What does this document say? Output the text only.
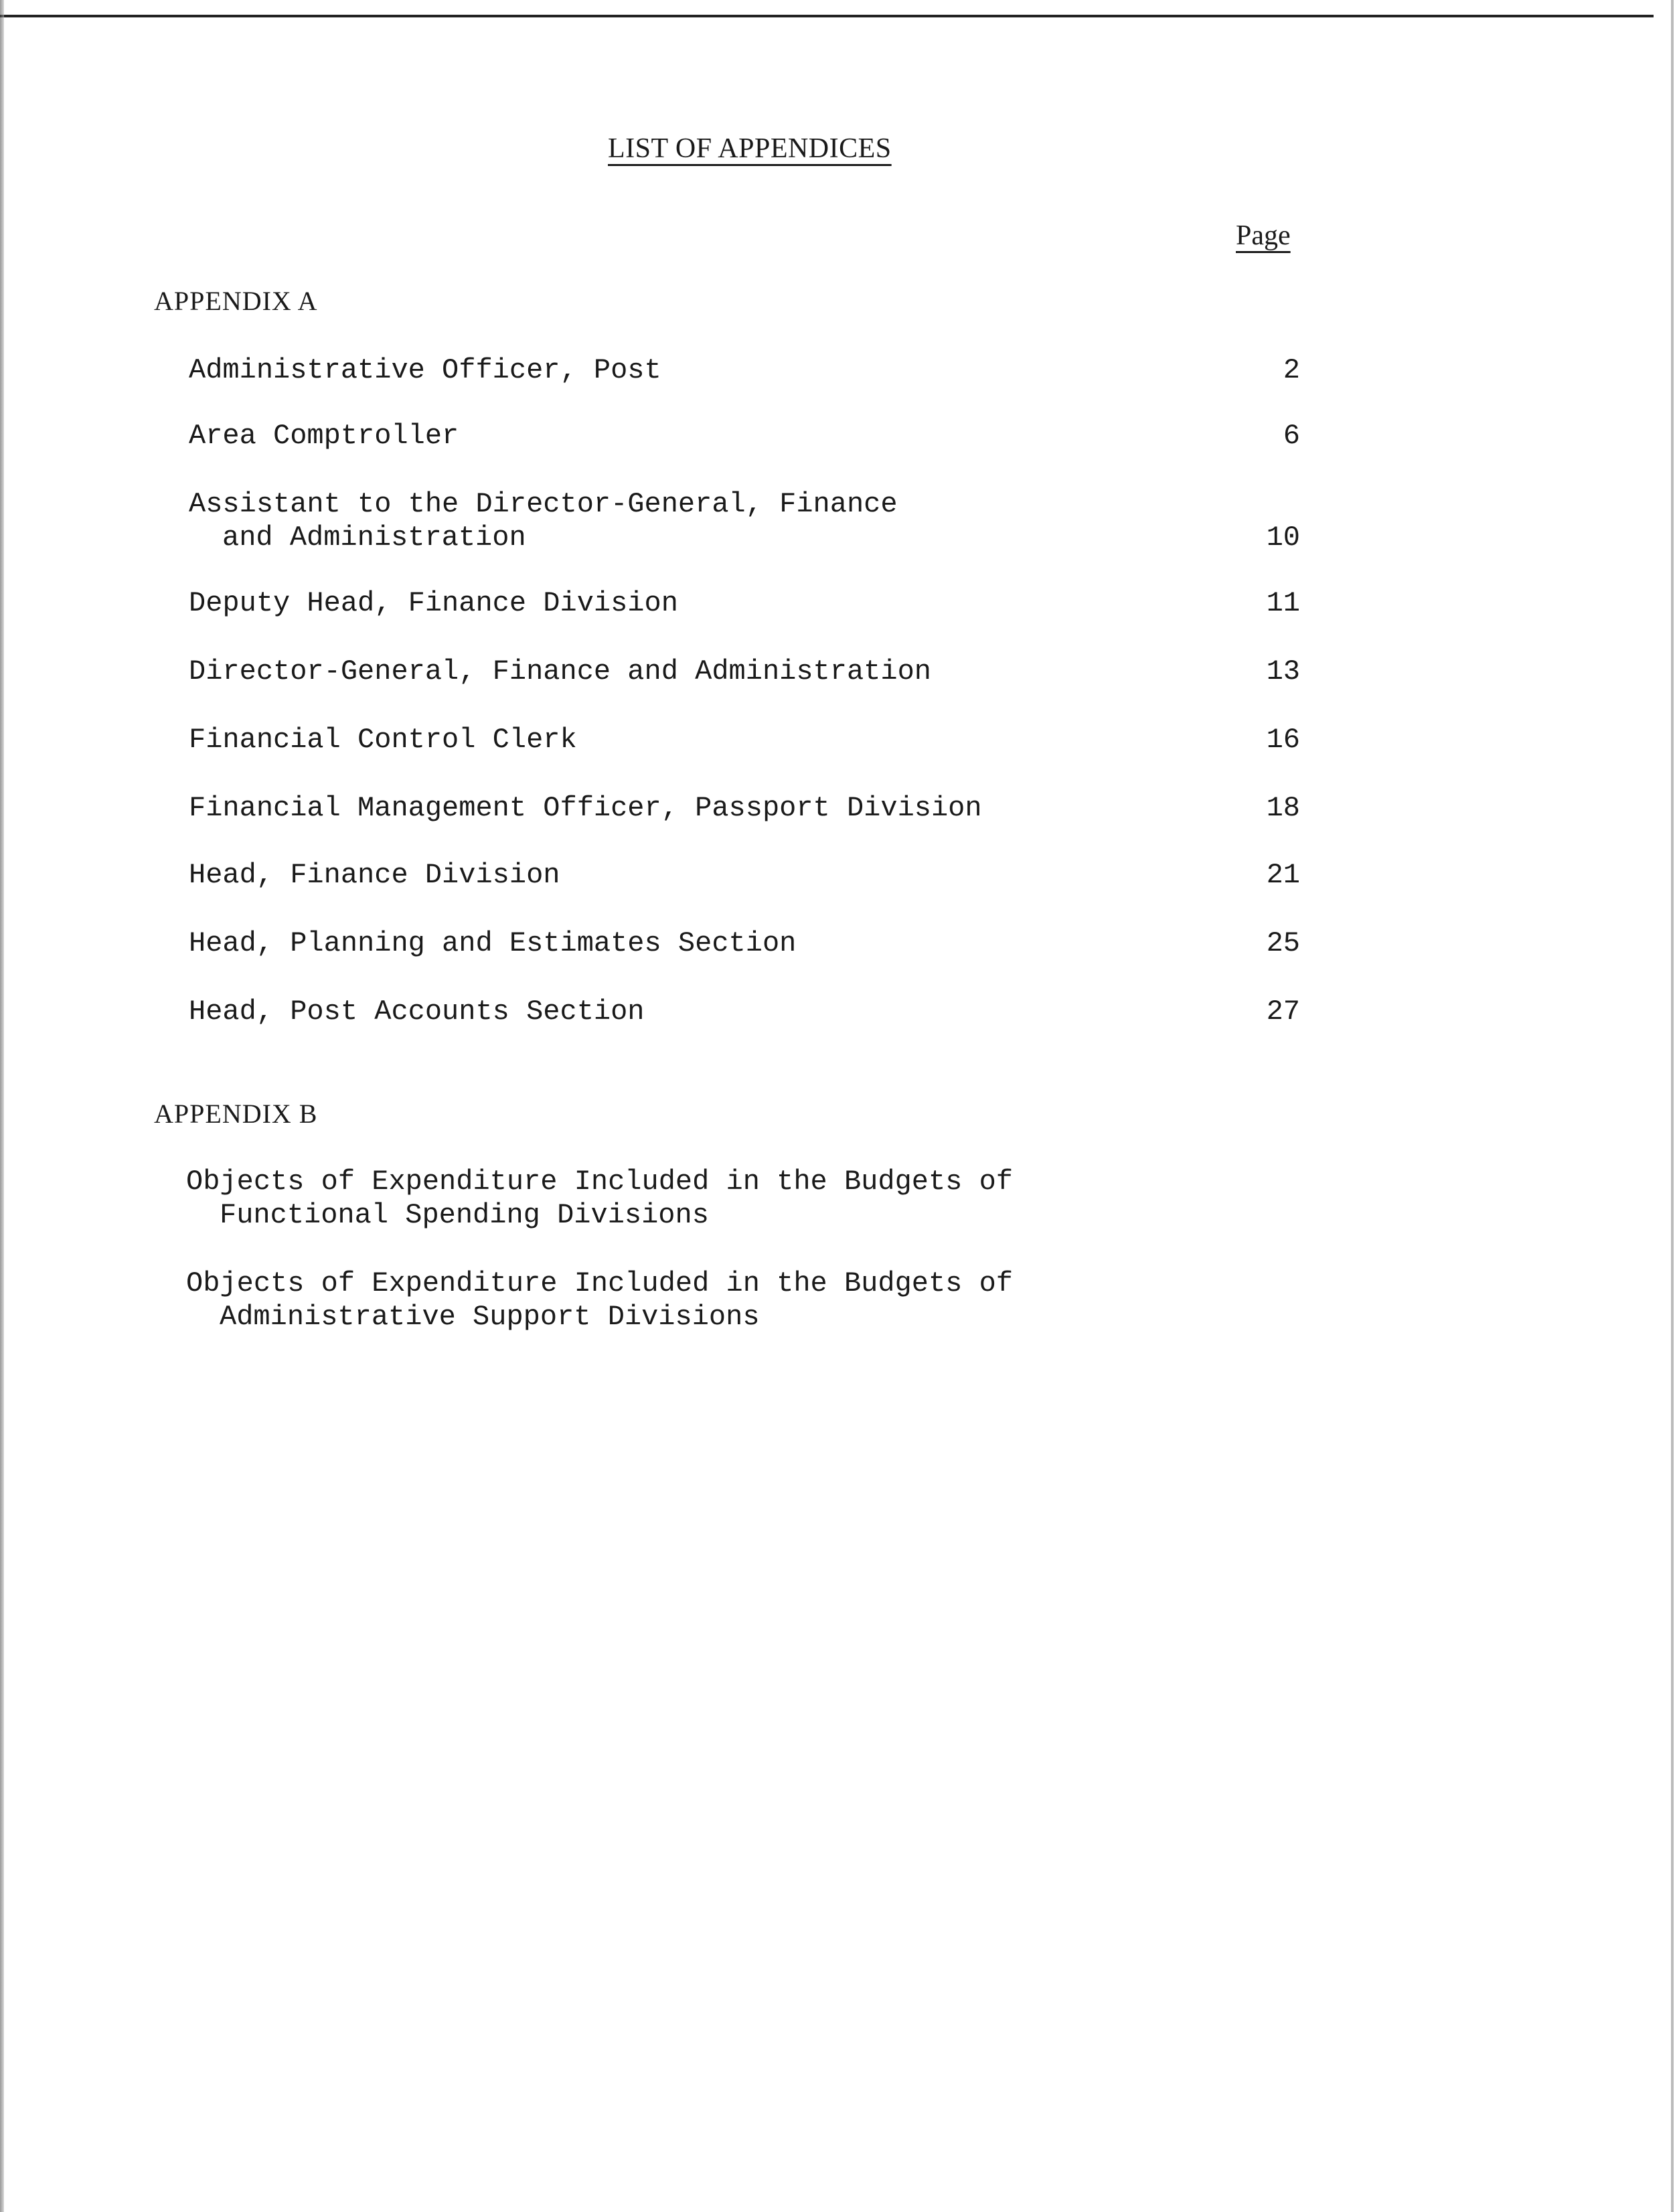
LIST OF APPENDICES
Page
APPENDIX A
Administrative Officer, Post	2
Area Comptroller	6
Assistant to the Director-General, Finance
and Administration	10
Deputy Head, Finance Division	11
Director-General, Finance and Administration	13
Financial Control Clerk	16
Financial Management Officer, Passport Division	18
Head, Finance Division	21
Head, Planning and Estimates Section	25
Head, Post Accounts Section	27
APPENDIX B
Objects of Expenditure Included in the Budgets of
Functional Spending Divisions
Objects of Expenditure Included in the Budgets of
Administrative Support Divisions
